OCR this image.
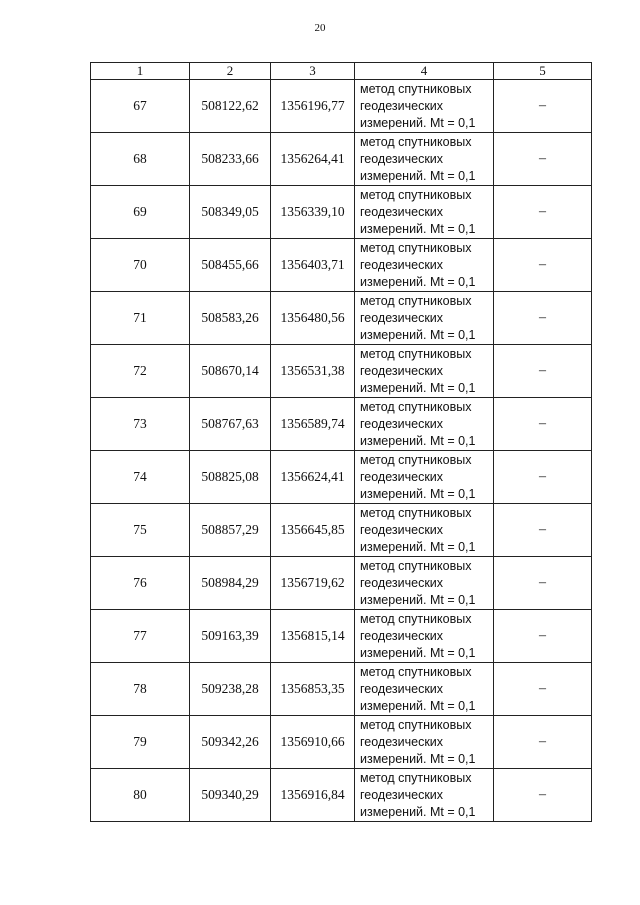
20
1	2	3	4	5
67	508122,62	1356196,77	метод спутниковых
геодезических
измерений. Mt = 0,1	–
68	508233,66	1356264,41	метод спутниковых
геодезических
измерений. Mt = 0,1	–
69	508349,05	1356339,10	метод спутниковых
геодезических
измерений. Mt = 0,1	–
70	508455,66	1356403,71	метод спутниковых
геодезических
измерений. Mt = 0,1	–
71	508583,26	1356480,56	метод спутниковых
геодезических
измерений. Mt = 0,1	–
72	508670,14	1356531,38	метод спутниковых
геодезических
измерений. Mt = 0,1	–
73	508767,63	1356589,74	метод спутниковых
геодезических
измерений. Mt = 0,1	–
74	508825,08	1356624,41	метод спутниковых
геодезических
измерений. Mt = 0,1	–
75	508857,29	1356645,85	метод спутниковых
геодезических
измерений. Mt = 0,1	–
76	508984,29	1356719,62	метод спутниковых
геодезических
измерений. Mt = 0,1	–
77	509163,39	1356815,14	метод спутниковых
геодезических
измерений. Mt = 0,1	–
78	509238,28	1356853,35	метод спутниковых
геодезических
измерений. Mt = 0,1	–
79	509342,26	1356910,66	метод спутниковых
геодезических
измерений. Mt = 0,1	–
80	509340,29	1356916,84	метод спутниковых
геодезических
измерений. Mt = 0,1	–
